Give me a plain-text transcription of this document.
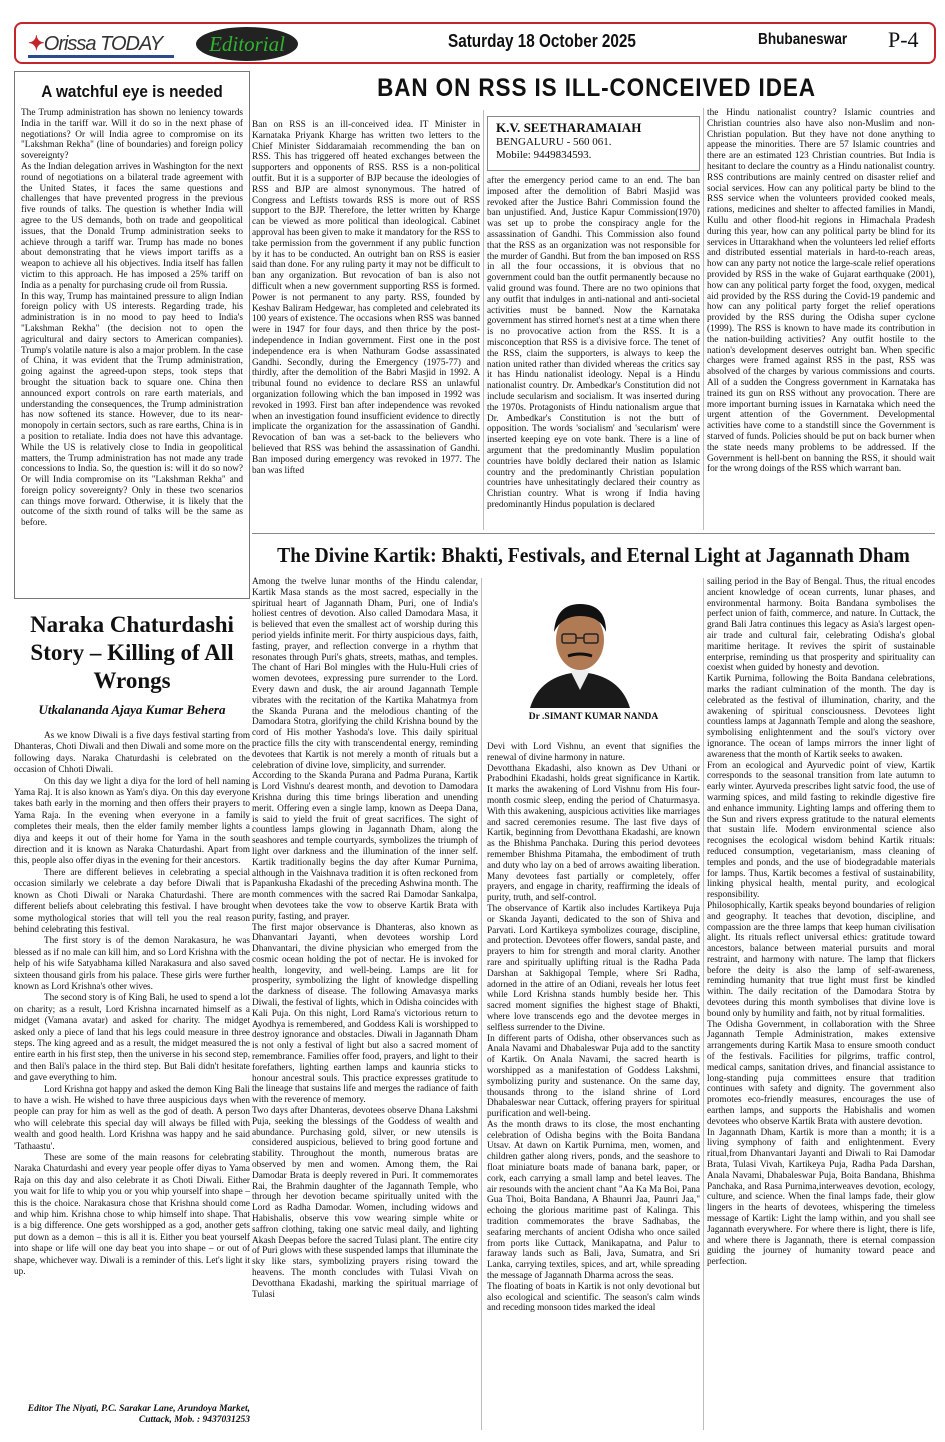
✦Orissa TODAY	Editorial	Saturday 18 October 2025	Bhubaneswar P-4
A watchful eye is needed

The Trump administration has shown no leniency towards India in the tariff war. Will it do so in the next phase of negotiations? Or will India agree to compromise on its "Lakshman Rekha" (line of boundaries) and foreign policy sovereignty?

As the Indian delegation arrives in Washington for the next round of negotiations on a bilateral trade agreement with the United States, it faces the same questions and challenges that have prevented progress in the previous five rounds of talks. The question is whether India will agree to the US demands, both on trade and geopolitical issues, that the Donald Trump administration seeks to achieve through a tariff war. Trump has made no bones about demonstrating that he views import tariffs as a weapon to achieve all his objectives. India itself has fallen victim to this approach. He has imposed a 25% tariff on India as a penalty for purchasing crude oil from Russia.

In this way, Trump has maintained pressure to align Indian foreign policy with US interests. Regarding trade, his administration is in no mood to pay heed to India's "Lakshman Rekha" (the decision not to open the agricultural and dairy sectors to American companies). Trump's volatile nature is also a major problem. In the case of China, it was evident that the Trump administration, going against the agreed-upon steps, took steps that brought the situation back to square one. China then announced export controls on rare earth materials, and understanding the consequences, the Trump administration has now softened its stance. However, due to its near-monopoly in certain sectors, such as rare earths, China is in a position to retaliate. India does not have this advantage. While the US is relatively close to India in geopolitical matters, the Trump administration has not made any trade concessions to India. So, the question is: will it do so now? Or will India compromise on its "Lakshman Rekha" and foreign policy sovereignty? Only in these two scenarios can things move forward. Otherwise, it is likely that the outcome of the sixth round of talks will be the same as before.

Naraka Chaturdashi Story – Killing of All Wrongs
Utkalananda Ajaya Kumar Behera

As we know Diwali is a five days festival starting from Dhanteras, Choti Diwali and then Diwali and some more on the following days. Naraka Chaturdashi is celebrated on the occasion of Chhoti Diwali.

On this day we light a diya for the lord of hell naming Yama Raj. It is also known as Yam's diya. On this day everyone takes bath early in the morning and then offers their prayers to Yama Raja. In the evening when everyone in a family completes their meals, then the elder family member lights a diya and keeps it out of their home for Yama in the south direction and it is known as Naraka Chaturdashi. Apart from this, people also offer diyas in the evening for their ancestors.

There are different believes in celebrating a special occasion similarly we celebrate a day before Diwali that is known as Choti Diwali or Naraka Chaturdashi. There are different beliefs about celebrating this festival. I have brought some mythological stories that will tell you the real reason behind celebrating this festival.

The first story is of the demon Narakasura, he was blessed as if no male can kill him, and so Lord Krishna with the help of his wife Satyabhama killed Narakasura and also saved sixteen thousand girls from his palace. These girls were further known as Lord Krishna's other wives.

The second story is of King Bali, he used to spend a lot on charity; as a result, Lord Krishna incarnated himself as a midget (Vamana avatar) and asked for charity. The midget asked only a piece of land that his legs could measure in three steps. The king agreed and as a result, the midget measured the entire earth in his first step, then the universe in his second step, and then Bali's palace in the third step. But Bali didn't hesitate and gave everything to him.

Lord Krishna got happy and asked the demon King Bali to have a wish. He wished to have three auspicious days when people can pray for him as well as the god of death. A person who will celebrate this special day will always be filled with wealth and good health. Lord Krishna was happy and he said 'Tathaastu'.

These are some of the main reasons for celebrating Naraka Chaturdashi and every year people offer diyas to Yama Raja on this day and also celebrate it as Choti Diwali. Either you wait for life to whip you or you whip yourself into shape – this is the choice. Narakasura chose that Krishna should come and whip him. Krishna chose to whip himself into shape. That is a big difference. One gets worshipped as a god, another gets put down as a demon – this is all it is. Either you beat yourself into shape or life will one day beat you into shape – or out of shape, whichever way. Diwali is a reminder of this. Let's light it up.

Editor The Niyati, P.C. Sarakar Lane, Arundoya Market, Cuttack, Mob. : 9437031253
BAN ON RSS IS ILL-CONCEIVED IDEA
Ban on RSS is an ill-conceived idea. IT Minister in Karnataka Priyank Kharge has written two letters to the Chief Minister Siddaramaiah recommending the ban on RSS. This has triggered off heated exchanges between the supporters and opponents of RSS. RSS is a non-political outfit. But it is a supporter of BJP because the ideologies of RSS and BJP are almost synonymous. The hatred of Congress and Leftists towards RSS is more out of RSS support to the BJP. Therefore, the letter written by Kharge can be viewed as more political than ideological. Cabinet approval has been given to make it mandatory for the RSS to take permission from the government if any public function by it has to be conducted. An outright ban on RSS is easier said than done. For any ruling party it may not be difficult to ban any organization. But revocation of ban is also not difficult when a new government supporting RSS is formed. Power is not permanent to any party. RSS, founded by Keshav Baliram Hedgewar, has completed and celebrated its 100 years of existence. The occasions when RSS was banned were in 1947 for four days, and then thrice by the post-independence in Indian government. First one in the post independence era is when Nathuram Godse assassinated Gandhi. Secondly, during the Emergency (1975-77) and thirdly, after the demolition of the Babri Masjid in 1992. A tribunal found no evidence to declare RSS an unlawful organization following which the ban imposed in 1992 was revoked in 1993. First ban after independence was revoked when an investigation found insufficient evidence to directly implicate the organization for the assassination of Gandhi. Revocation of ban was a set-back to the believers who believed that RSS was behind the assassination of Gandhi. Ban imposed during emergency was revoked in 1977. The ban was lifted
K.V. SEETHARAMAIAH
BENGALURU - 560 061.
Mobile: 9449834593.
after the emergency period came to an end. The ban imposed after the demolition of Babri Masjid was revoked after the Justice Bahri Commission found the ban unjustified. And, Justice Kapur Commission(1970) was set up to probe the conspiracy angle for the assassination of Gandhi. This Commission also found that the RSS as an organization was not responsible for the murder of Gandhi. But from the ban imposed on RSS in all the four occassions, it is obvious that no government could ban the outfit permanently because no valid ground was found. There are no two opinions that any outfit that indulges in anti-national and anti-societal activities must be banned. Now the Karnataka government has stirred hornet's nest at a time when there is no provocative action from the RSS. It is a misconception that RSS is a divisive force. The tenet of the RSS, claim the supporters, is always to keep the nation united rather than divided whereas the critics say it has Hindu nationalist ideology. Nepal is a Hindu nationalist country. Dr. Ambedkar's Constitution did not include secularism and socialism. It was inserted during the 1970s. Protagonists of Hindu nationalism argue that Dr. Ambedkar's Constitution is not the butt of opposition. The words 'socialism' and 'secularism' were inserted keeping eye on vote bank. There is a line of argument that the predominantly Muslim population countries have boldly declared their nation as Islamic country and the predominantly Christian population countries have unhesitatingly declared their country as Christian country. What is wrong if India having predominantly Hindus population is declared
the Hindu nationalist country? Islamic countries and Christian countries also have also non-Muslim and non-Christian population. But they have not done anything to appease the minorities. There are 57 Islamic countries and there are an estimated 123 Christian countries. But India is hesitant to declare the country as a Hindu nationalist country. RSS contributions are mainly centred on disaster relief and social services. How can any political party be blind to the RSS service when the volunteers provided cooked meals, rations, medicines and shelter to affected families in Mandi, Kullu and other flood-hit regions in Himachala Pradesh during this year, how can any political party be blind for its services in Uttarakhand when the volunteers led relief efforts and distributed essential materials in hard-to-reach areas, how can any party not notice the large-scale relief operations provided by RSS in the wake of Gujarat earthquake (2001), how can any political party forget the food, oxygen, medical aid provided by the RSS during the Covid-19 pandemic and how can any political party forget the relief operations provided by the RSS during the Odisha super cyclone (1999). The RSS is known to have made its contribution in the nation-building activities? Any outfit hostile to the nation's development deserves outright ban. When specific charges were framed against RSS in the past, RSS was absolved of the charges by various commissions and courts. All of a sudden the Congress government in Karnataka has trained its gun on RSS without any provocation. There are more important burning issues in Karnataka which need the urgent attention of the Government. Developmental activities have come to a standstill since the Government is starved of funds. Policies should be put on back burner when the state needs many problems to be addressed. If the Government is hell-bent on banning the RSS, it should wait for the wrong doings of the RSS which warrant ban.
The Divine Kartik: Bhakti, Festivals, and Eternal Light at Jagannath Dham

Among the twelve lunar months of the Hindu calendar, Kartik Masa stands as the most sacred, especially in the spiritual heart of Jagannath Dham, Puri, one of India's holiest centres of devotion. Also called Damodara Masa, it is believed that even the smallest act of worship during this period yields infinite merit. For thirty auspicious days, faith, fasting, prayer, and reflection converge in a rhythm that resonates through Puri's ghats, streets, mathas, and temples. The chant of Hari Bol mingles with the Hulu-Huli cries of women devotees, expressing pure surrender to the Lord. Every dawn and dusk, the air around Jagannath Temple vibrates with the recitation of the Kartika Mahatmya from the Skanda Purana and the melodious chanting of the Damodara Stotra, glorifying the child Krishna bound by the cord of His mother Yashoda's love. This daily spiritual practice fills the city with transcendental energy, reminding devotees that Kartik is not merely a month of rituals but a celebration of divine love, simplicity, and surrender.

According to the Skanda Purana and Padma Purana, Kartik is Lord Vishnu's dearest month, and devotion to Damodara Krishna during this time brings liberation and unending merit. Offering even a single lamp, known as Deepa Dana, is said to yield the fruit of great sacrifices. The sight of countless lamps glowing in Jagannath Dham, along the seashores and temple courtyards, symbolizes the triumph of light over darkness and the illumination of the inner self. Kartik traditionally begins the day after Kumar Purnima, although in the Vaishnava tradition it is often reckoned from Papankusha Ekadashi of the preceding Ashwina month. The month commences with the sacred Rai Damodar Sankalpa, when devotees take the vow to observe Kartik Brata with purity, fasting, and prayer.

The first major observance is Dhanteras, also known as Dhanvantari Jayanti, when devotees worship Lord Dhanvantari, the divine physician who emerged from the cosmic ocean holding the pot of nectar. He is invoked for health, longevity, and well-being. Lamps are lit for prosperity, symbolizing the light of knowledge dispelling the darkness of disease. The following Amavasya marks Diwali, the festival of lights, which in Odisha coincides with Kali Puja. On this night, Lord Rama's victorious return to Ayodhya is remembered, and Goddess Kali is worshipped to destroy ignorance and obstacles. Diwali in Jagannath Dham is not only a festival of light but also a sacred moment of remembrance. Families offer food, prayers, and light to their forefathers, lighting earthen lamps and kaunria sticks to honour ancestral souls. This practice expresses gratitude to the lineage that sustains life and merges the radiance of faith with the reverence of memory.

Two days after Dhanteras, devotees observe Dhana Lakshmi Puja, seeking the blessings of the Goddess of wealth and abundance. Purchasing gold, silver, or new utensils is considered auspicious, believed to bring good fortune and stability. Throughout the month, numerous bratas are observed by men and women. Among them, the Rai Damodar Brata is deeply revered in Puri. It commemorates Rai, the Brahmin daughter of the Jagannath Temple, who through her devotion became spiritually united with the Lord as Radha Damodar. Women, including widows and Habishalis, observe this vow wearing simple white or saffron clothing, taking one satvic meal daily, and lighting Akash Deepas before the sacred Tulasi plant. The entire city of Puri glows with these suspended lamps that illuminate the sky like stars, symbolizing prayers rising toward the heavens. The month concludes with Tulasi Vivah on Devotthana Ekadashi, marking the spiritual marriage of Tulasi

Dr .SIMANT KUMAR NANDA

Devi with Lord Vishnu, an event that signifies the renewal of divine harmony in nature.

Devotthana Ekadashi, also known as Dev Uthani or Prabodhini Ekadashi, holds great significance in Kartik. It marks the awakening of Lord Vishnu from His four-month cosmic sleep, ending the period of Chaturmasya. With this awakening, auspicious activities like marriages and sacred ceremonies resume. The last five days of Kartik, beginning from Devotthana Ekadashi, are known as the Bhishma Panchaka. During this period devotees remember Bhishma Pitamaha, the embodiment of truth and duty who lay on a bed of arrows awaiting liberation. Many devotees fast partially or completely, offer prayers, and engage in charity, reaffirming the ideals of purity, truth, and self-control.

The observance of Kartik also includes Kartikeya Puja or Skanda Jayanti, dedicated to the son of Shiva and Parvati. Lord Kartikeya symbolizes courage, discipline, and protection. Devotees offer flowers, sandal paste, and prayers to him for strength and moral clarity. Another rare and spiritually uplifting ritual is the Radha Pada Darshan at Sakhigopal Temple, where Sri Radha, adorned in the attire of an Odiani, reveals her lotus feet while Lord Krishna stands humbly beside her. This sacred moment signifies the highest stage of Bhakti, where love transcends ego and the devotee merges in selfless surrender to the Divine.

In different parts of Odisha, other observances such as Anala Navami and Dhabaleswar Puja add to the sanctity of Kartik. On Anala Navami, the sacred hearth is worshipped as a manifestation of Goddess Lakshmi, symbolizing purity and sustenance. On the same day, thousands throng to the island shrine of Lord Dhabaleswar near Cuttack, offering prayers for spiritual purification and well-being.

As the month draws to its close, the most enchanting celebration of Odisha begins with the Boita Bandana Utsav. At dawn on Kartik Purnima, men, women, and children gather along rivers, ponds, and the seashore to float miniature boats made of banana bark, paper, or cork, each carrying a small lamp and betel leaves. The air resounds with the ancient chant "Aa Ka Ma Boi, Pana Gua Thoi, Boita Bandana, A Bhaunri Jaa, Paunri Jaa," echoing the glorious maritime past of Kalinga. This tradition commemorates the brave Sadhabas, the seafaring merchants of ancient Odisha who once sailed from ports like Cuttack, Manikapatna, and Palur to faraway lands such as Bali, Java, Sumatra, and Sri Lanka, carrying textiles, spices, and art, while spreading the message of Jagannath Dharma across the seas.

The floating of boats in Kartik is not only devotional but also ecological and scientific. The season's calm winds and receding monsoon tides marked the ideal

sailing period in the Bay of Bengal. Thus, the ritual encodes ancient knowledge of ocean currents, lunar phases, and environmental harmony. Boita Bandana symbolises the perfect union of faith, commerce, and nature. In Cuttack, the grand Bali Jatra continues this legacy as Asia's largest open-air trade and cultural fair, celebrating Odisha's global maritime heritage. It revives the spirit of sustainable enterprise, reminding us that prosperity and spirituality can coexist when guided by honesty and devotion.

Kartik Purnima, following the Boita Bandana celebrations, marks the radiant culmination of the month. The day is celebrated as the festival of illumination, charity, and the awakening of spiritual consciousness. Devotees light countless lamps at Jagannath Temple and along the seashore, symbolising enlightenment and the soul's victory over ignorance. The ocean of lamps mirrors the inner light of awareness that the month of Kartik seeks to awaken.

From an ecological and Ayurvedic point of view, Kartik corresponds to the seasonal transition from late autumn to early winter. Ayurveda prescribes light satvic food, the use of warming spices, and mild fasting to rekindle digestive fire and enhance immunity. Lighting lamps and offering them to the Sun and rivers express gratitude to the natural elements that sustain life. Modern environmental science also recognises the ecological wisdom behind Kartik rituals: reduced consumption, vegetarianism, mass cleaning of temples and ponds, and the use of biodegradable materials for lamps. Thus, Kartik becomes a festival of sustainability, linking physical health, mental purity, and ecological responsibility.

Philosophically, Kartik speaks beyond boundaries of religion and geography. It teaches that devotion, discipline, and compassion are the three lamps that keep human civilisation alight. Its rituals reflect universal ethics: gratitude toward ancestors, balance between material pursuits and moral restraint, and harmony with nature. The lamp that flickers before the deity is also the lamp of self-awareness, reminding humanity that true light must first be kindled within. The daily recitation of the Damodara Stotra by devotees during this month symbolises that divine love is bound only by humility and faith, not by ritual formalities.

The Odisha Government, in collaboration with the Shree Jagannath Temple Administration, makes extensive arrangements during Kartik Masa to ensure smooth conduct of the festivals. Facilities for pilgrims, traffic control, medical camps, sanitation drives, and financial assistance to long-standing puja committees ensure that tradition continues with safety and dignity. The government also promotes eco-friendly measures, encourages the use of earthen lamps, and supports the Habishalis and women devotees who observe Kartik Brata with austere devotion.

In Jagannath Dham, Kartik is more than a month; it is a living symphony of faith and enlightenment. Every ritual,from Dhanvantari Jayanti and Diwali to Rai Damodar Brata, Tulasi Vivah, Kartikeya Puja, Radha Pada Darshan, Anala Navami, Dhabaleswar Puja, Boita Bandana, Bhishma Panchaka, and Rasa Purnima,interweaves devotion, ecology, culture, and science. When the final lamps fade, their glow lingers in the hearts of devotees, whispering the timeless message of Kartik: Light the lamp within, and you shall see Jagannath everywhere. For where there is light, there is life, and where there is Jagannath, there is eternal compassion guiding the journey of humanity toward peace and perfection.
